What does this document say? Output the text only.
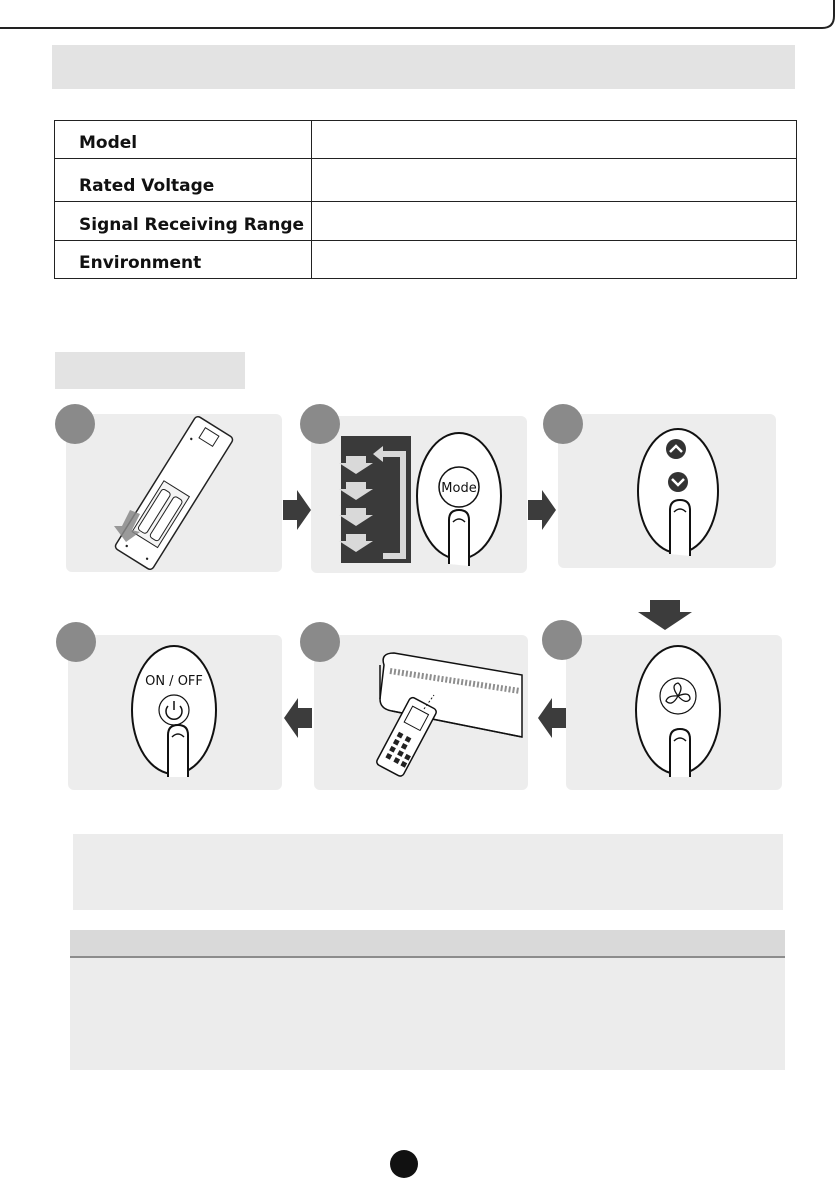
Model	
Rated Voltage	
Signal Receiving Range	
Environment	
Mode
ON / OFF
